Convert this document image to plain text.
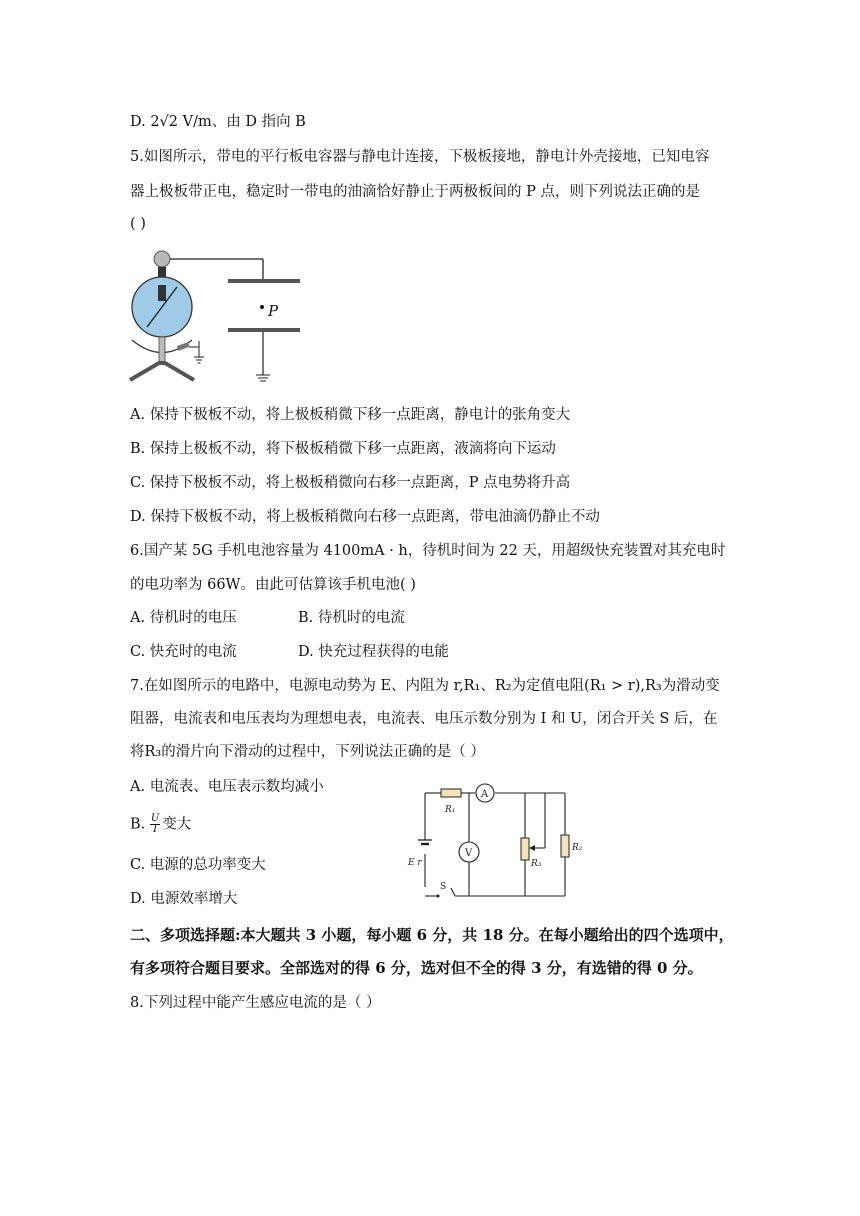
D. 2√2 V/m、由 D 指向 B
5.如图所示，带电的平行板电容器与静电计连接，下极板接地，静电计外壳接地，已知电容
器上极板带正电，稳定时一带电的油滴恰好静止于两极板间的 P 点，则下列说法正确的是
( )
P
A. 保持下极板不动，将上极板稍微下移一点距离，静电计的张角变大
B. 保持上极板不动，将下极板稍微下移一点距离，液滴将向下运动
C. 保持下极板不动，将上极板稍微向右移一点距离，P 点电势将升高
D. 保持下极板不动，将上极板稍微向右移一点距离，带电油滴仍静止不动
6.国产某 5G 手机电池容量为 4100mA · h，待机时间为 22 天，用超级快充装置对其充电时
的电功率为 66W。由此可估算该手机电池( )
A. 待机时的电压	B. 待机时的电流
C. 快充时的电流	D. 快充过程获得的电能
7.在如图所示的电路中，电源电动势为 E、内阻为 r,R₁、R₂为定值电阻(R₁ > r),R₃为滑动变
阻器，电流表和电压表均为理想电表，电流表、电压示数分别为 I 和 U，闭合开关 S 后，在
将R₃的滑片向下滑动的过程中，下列说法正确的是（ ）
A. 电流表、电压表示数均减小
B. $\frac{U}{I}$ 变大
C. 电源的总功率变大
D. 电源效率增大
R₁
A
V
R₃
R₂
E r
S
二、多项选择题:本大题共 3 小题，每小题 6 分，共 18 分。在每小题给出的四个选项中，
有多项符合题目要求。全部选对的得 6 分，选对但不全的得 3 分，有选错的得 0 分。
8.下列过程中能产生感应电流的是（ ）
